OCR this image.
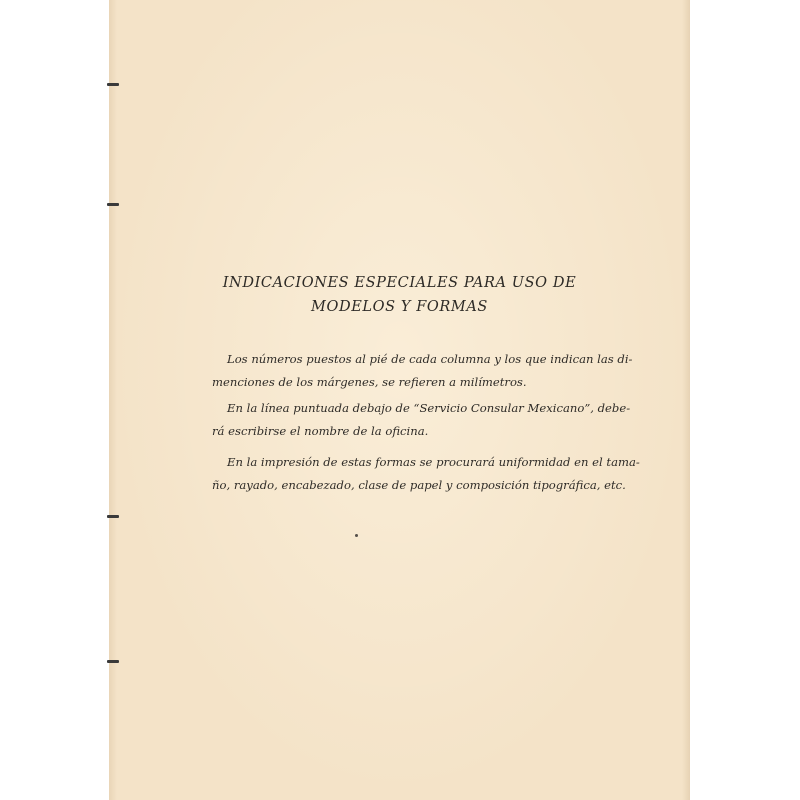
INDICACIONES ESPECIALES PARA USO DE
MODELOS Y FORMAS

Los números puestos al pié de cada columna y los que indican las di-
menciones de los márgenes, se refieren a milímetros.

En la línea puntuada debajo de “Servicio Consular Mexicano”, debe-
rá escribirse el nombre de la oficina.

En la impresión de estas formas se procurará uniformidad en el tama-
ño, rayado, encabezado, clase de papel y composición tipográfica, etc.
